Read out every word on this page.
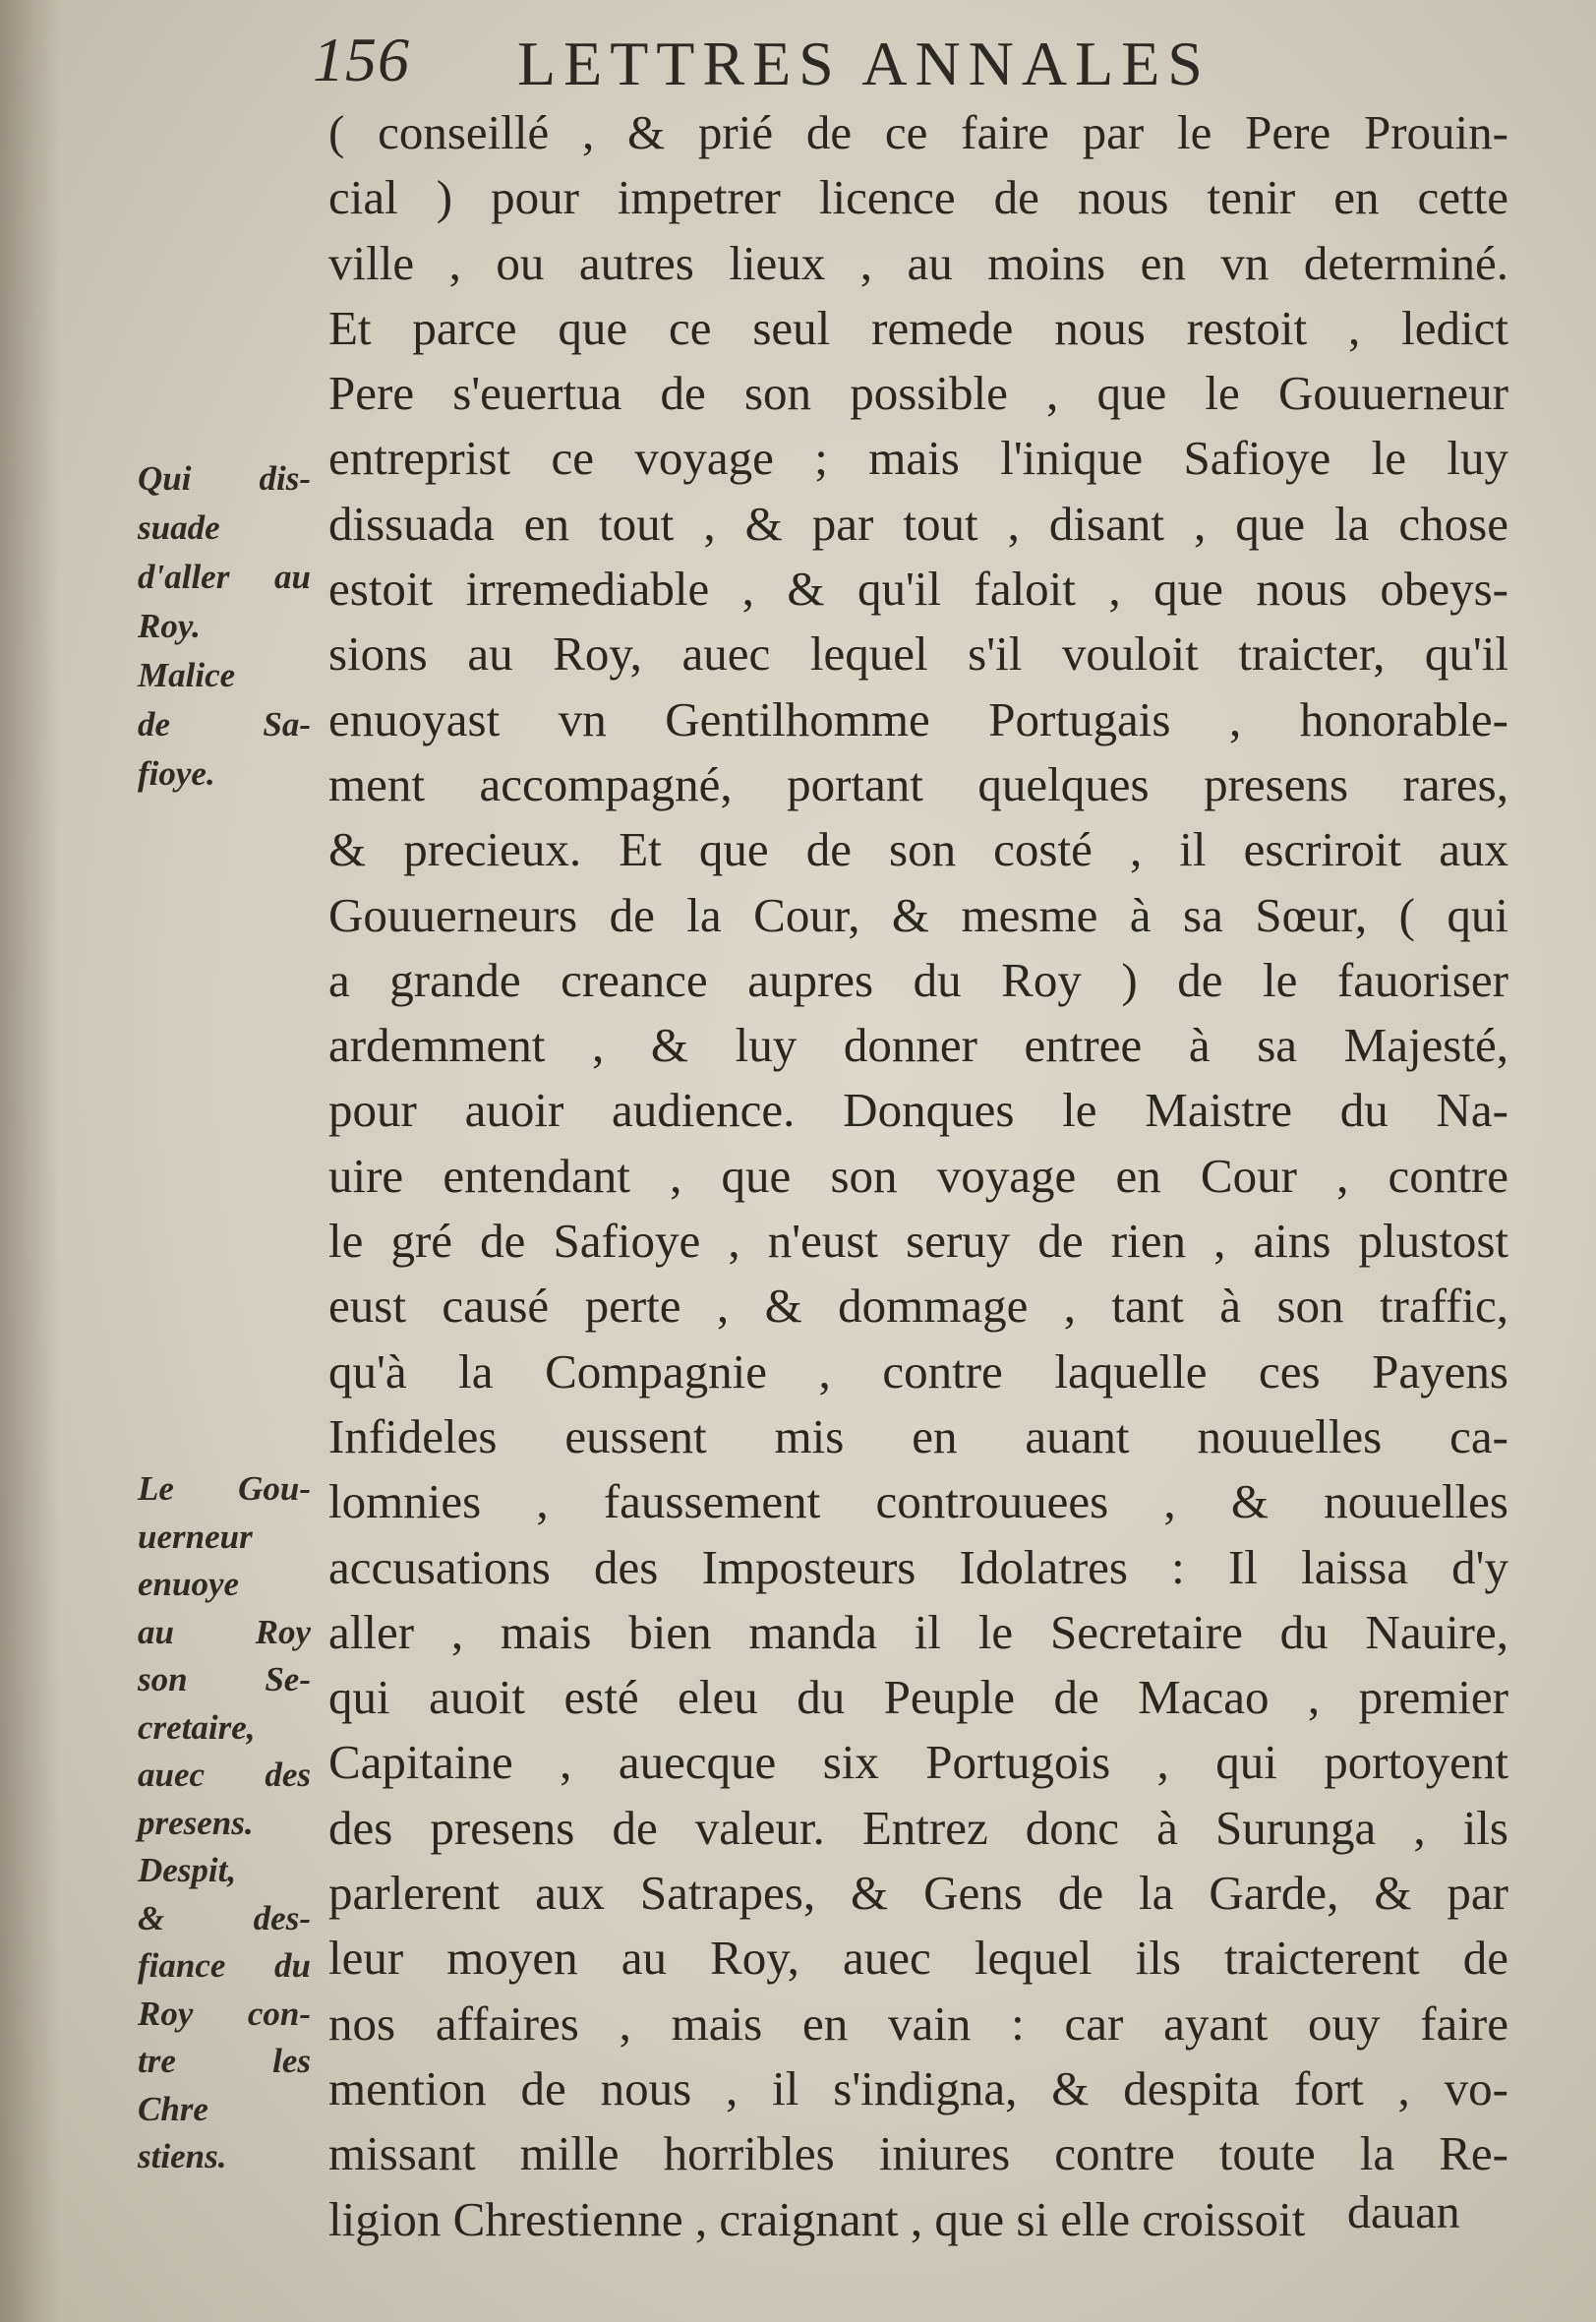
156 LETTRES ANNALES
Qui dis-
suade
d'aller au
Roy.
Malice
de Sa-
fioye.
Le Gou-
uerneur
enuoye
au Roy
son Se-
cretaire,
auec des
presens.
Despit,
& des-
fiance du
Roy con-
tre les
Chre
stiens.
( conseillé , & prié de ce faire par le Pere Prouin-
cial ) pour impetrer licence de nous tenir en cette
ville , ou autres lieux , au moins en vn determiné.
Et parce que ce seul remede nous restoit , ledict
Pere s'euertua de son possible , que le Gouuerneur
entreprist ce voyage ; mais l'inique Safioye le luy
dissuada en tout , & par tout , disant , que la chose
estoit irremediable , & qu'il faloit , que nous obeys-
sions au Roy, auec lequel s'il vouloit traicter, qu'il
enuoyast vn Gentilhomme Portugais , honorable-
ment accompagné, portant quelques presens rares,
& precieux. Et que de son costé , il escriroit aux
Gouuerneurs de la Cour, & mesme à sa Sœur, ( qui
a grande creance aupres du Roy ) de le fauoriser
ardemment , & luy donner entree à sa Majesté,
pour auoir audience. Donques le Maistre du Na-
uire entendant , que son voyage en Cour , contre
le gré de Safioye , n'eust seruy de rien , ains plustost
eust causé perte , & dommage , tant à son traffic,
qu'à la Compagnie , contre laquelle ces Payens
Infideles eussent mis en auant nouuelles ca-
lomnies , faussement controuuees , & nouuelles
accusations des Imposteurs Idolatres : Il laissa d'y
aller , mais bien manda il le Secretaire du Nauire,
qui auoit esté eleu du Peuple de Macao , premier
Capitaine , auecque six Portugois , qui portoyent
des presens de valeur. Entrez donc à Surunga , ils
parlerent aux Satrapes, & Gens de la Garde, & par
leur moyen au Roy, auec lequel ils traicterent de
nos affaires , mais en vain : car ayant ouy faire
mention de nous , il s'indigna, & despita fort , vo-
missant mille horribles iniures contre toute la Re-
ligion Chrestienne , craignant , que si elle croissoit dauan
